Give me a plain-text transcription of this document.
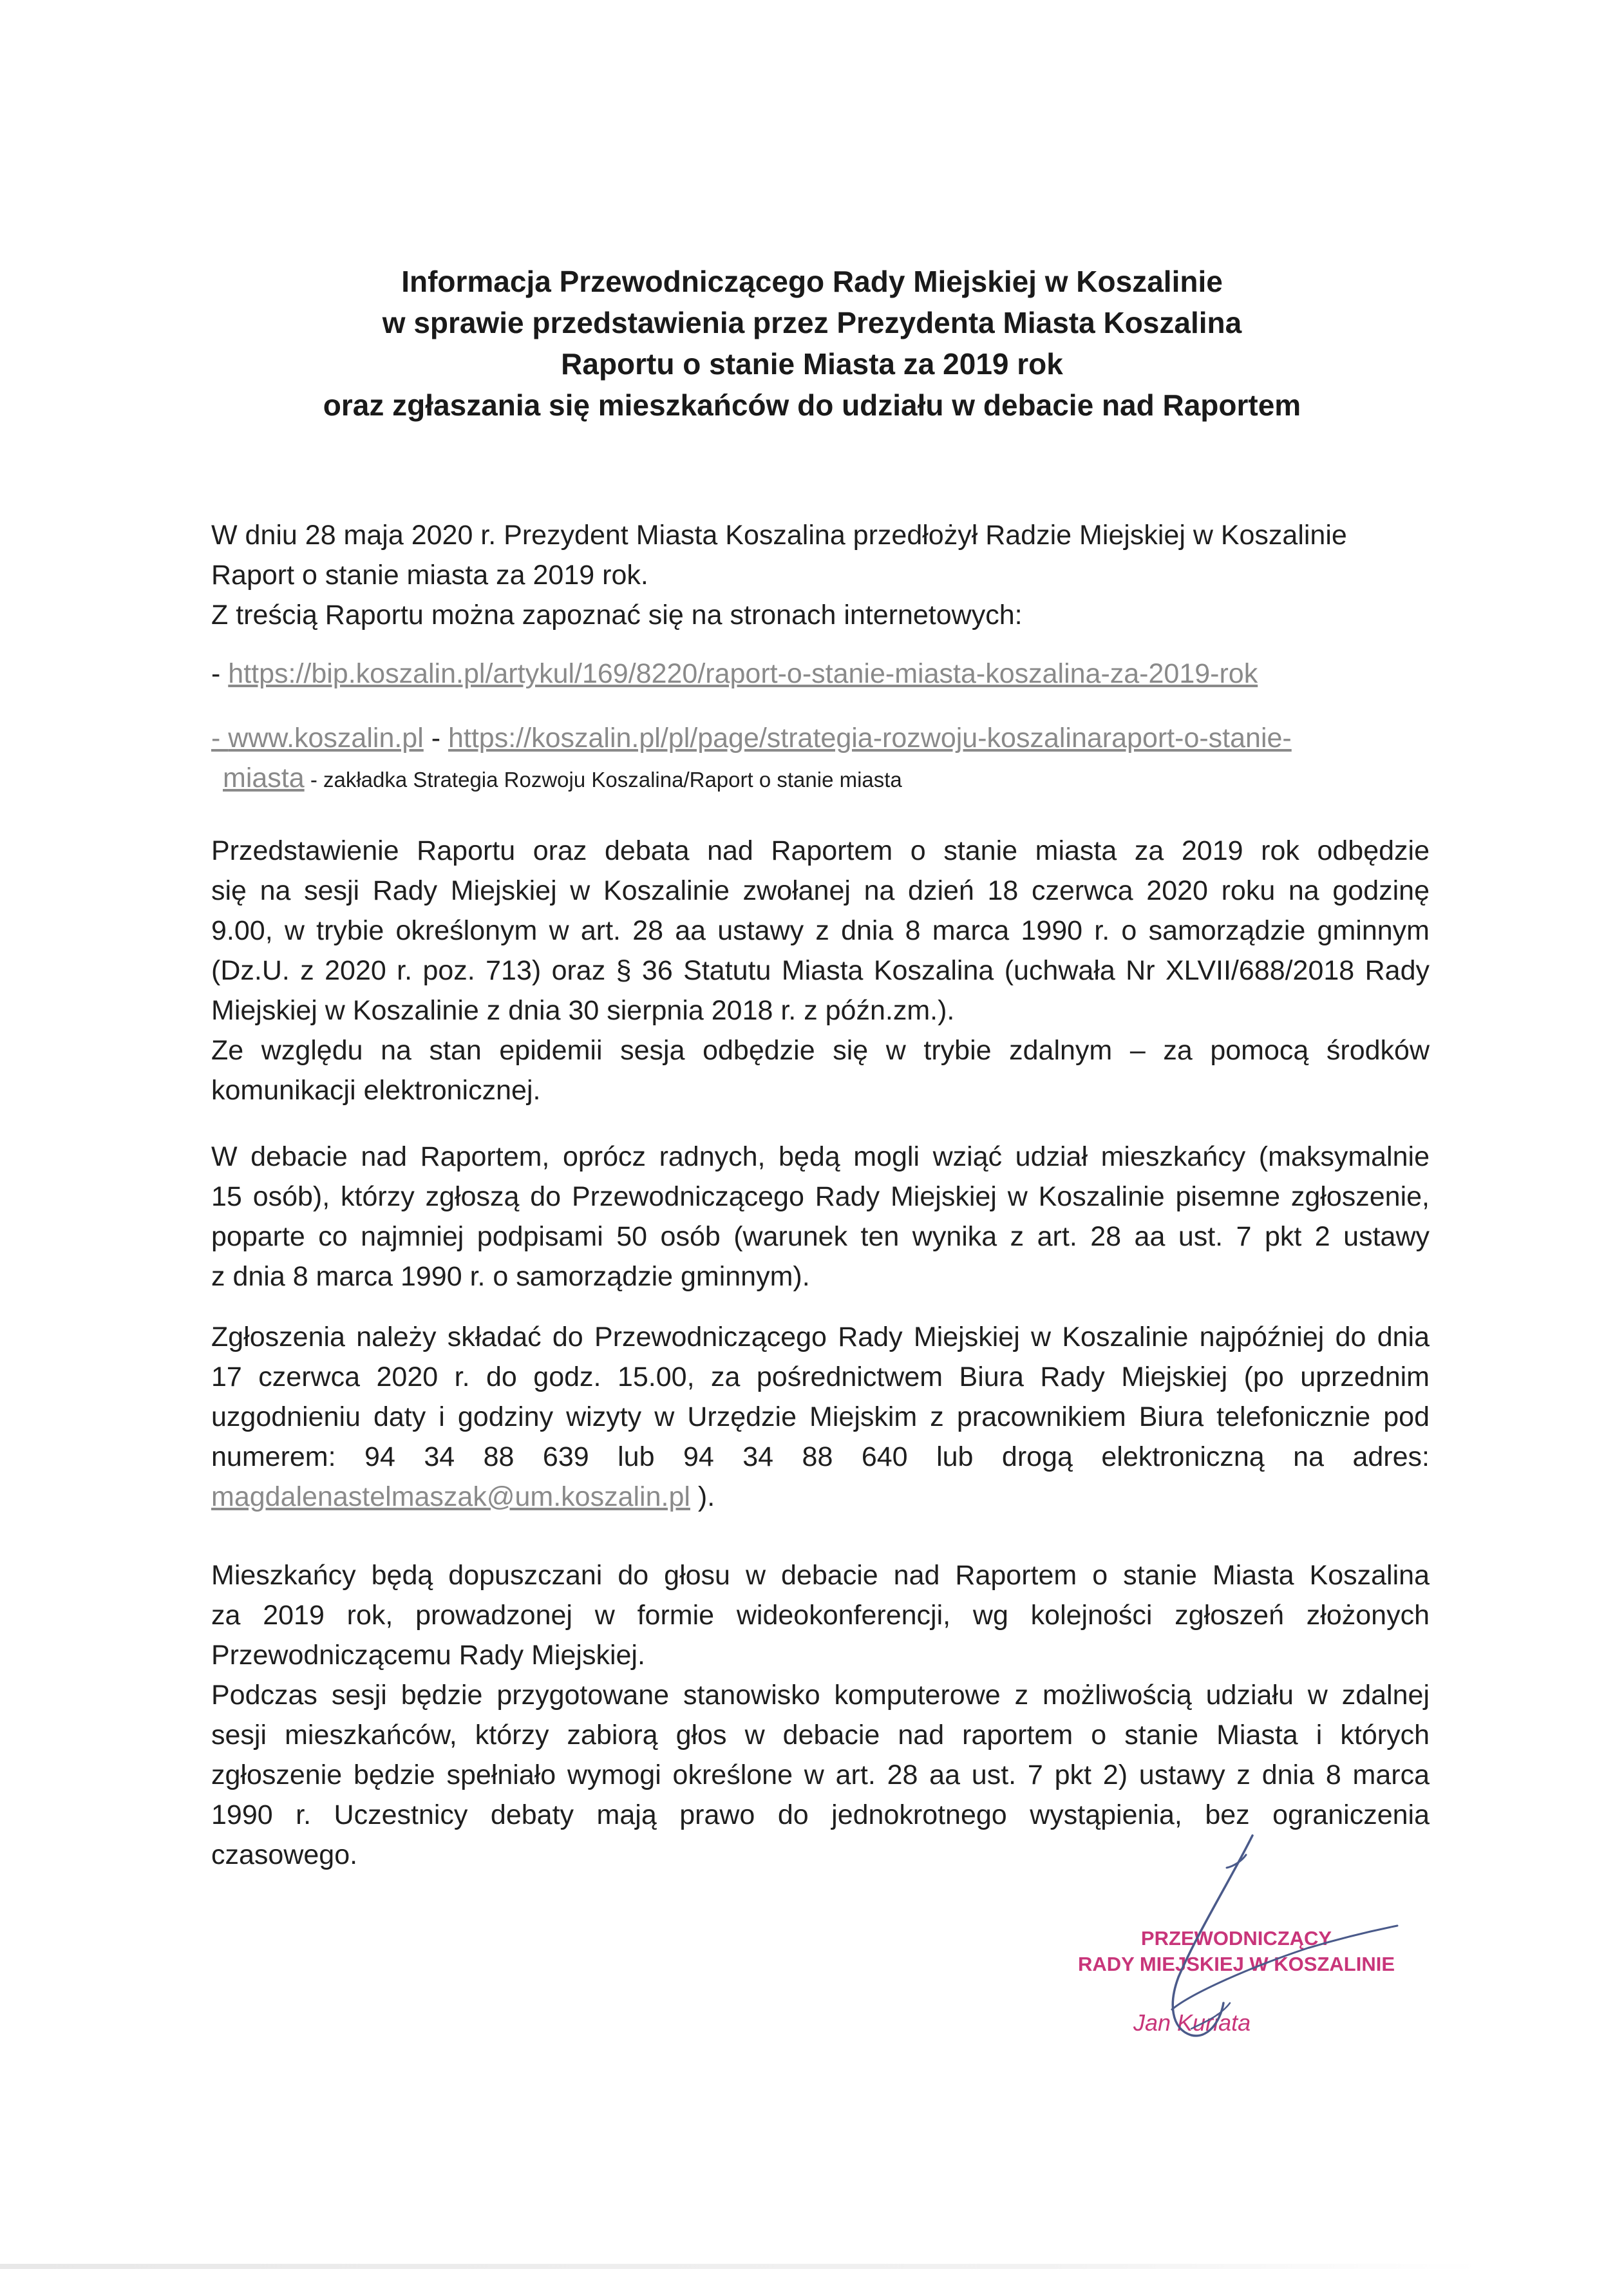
Informacja Przewodniczącego Rady Miejskiej w Koszalinie
w sprawie przedstawienia przez Prezydenta Miasta Koszalina
Raportu o stanie Miasta za 2019 rok
oraz zgłaszania się mieszkańców do udziału w debacie nad Raportem
W dniu 28 maja 2020 r. Prezydent Miasta Koszalina przedłożył Radzie Miejskiej w Koszalinie
Raport o stanie miasta za 2019 rok.
Z treścią Raportu można zapoznać się na stronach internetowych:
- https://bip.koszalin.pl/artykul/169/8220/raport-o-stanie-miasta-koszalina-za-2019-rok
- www.koszalin.pl - https://koszalin.pl/pl/page/strategia-rozwoju-koszalinaraport-o-stanie-
miasta - zakładka Strategia Rozwoju Koszalina/Raport o stanie miasta
Przedstawienie Raportu oraz debata nad Raportem o stanie miasta za 2019 rok odbędzie
się na sesji Rady Miejskiej w Koszalinie zwołanej na dzień 18 czerwca 2020 roku na godzinę
9.00, w trybie określonym w art. 28 aa ustawy z dnia 8 marca 1990 r. o samorządzie gminnym
(Dz.U. z 2020 r. poz. 713) oraz § 36 Statutu Miasta Koszalina (uchwała Nr XLVII/688/2018 Rady
Miejskiej w Koszalinie z dnia 30 sierpnia 2018 r. z późn.zm.).
Ze względu na stan epidemii sesja odbędzie się w trybie zdalnym – za pomocą środków
komunikacji elektronicznej.
W debacie nad Raportem, oprócz radnych, będą mogli wziąć udział mieszkańcy (maksymalnie
15 osób), którzy zgłoszą do Przewodniczącego Rady Miejskiej w Koszalinie pisemne zgłoszenie,
poparte co najmniej podpisami 50 osób (warunek ten wynika z art. 28 aa ust. 7 pkt 2 ustawy
z dnia 8 marca 1990 r. o samorządzie gminnym).
Zgłoszenia należy składać do Przewodniczącego Rady Miejskiej w Koszalinie najpóźniej do dnia
17 czerwca 2020 r. do godz. 15.00, za pośrednictwem Biura Rady Miejskiej (po uprzednim
uzgodnieniu daty i godziny wizyty w Urzędzie Miejskim z pracownikiem Biura telefonicznie pod
numerem: 94 34 88 639 lub 94 34 88 640 lub drogą elektroniczną na adres:
magdalenastelmaszak@um.koszalin.pl ).
Mieszkańcy będą dopuszczani do głosu w debacie nad Raportem o stanie Miasta Koszalina
za 2019 rok, prowadzonej w formie wideokonferencji, wg kolejności zgłoszeń złożonych
Przewodniczącemu Rady Miejskiej.
Podczas sesji będzie przygotowane stanowisko komputerowe z możliwością udziału w zdalnej
sesji mieszkańców, którzy zabiorą głos w debacie nad raportem o stanie Miasta i których
zgłoszenie będzie spełniało wymogi określone w art. 28 aa ust. 7 pkt 2) ustawy z dnia 8 marca
1990 r. Uczestnicy debaty mają prawo do jednokrotnego wystąpienia, bez ograniczenia
czasowego.
PRZEWODNICZĄCY
RADY MIEJSKIEJ W KOSZALINIE
Jan Kuriata
